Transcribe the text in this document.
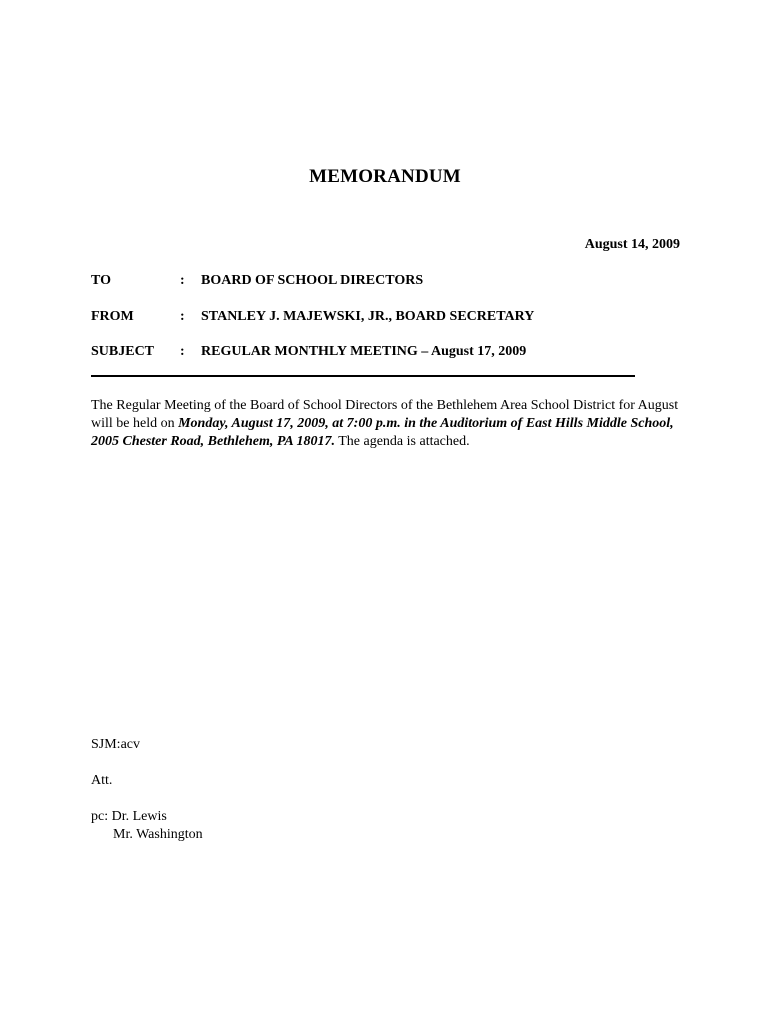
MEMORANDUM
August 14, 2009
TO	: BOARD OF SCHOOL DIRECTORS
FROM	: STANLEY J. MAJEWSKI, JR., BOARD SECRETARY
SUBJECT : REGULAR MONTHLY MEETING – August 17, 2009
The Regular Meeting of the Board of School Directors of the Bethlehem Area School District for August will be held on Monday, August 17, 2009, at 7:00 p.m. in the Auditorium of East Hills Middle School, 2005 Chester Road, Bethlehem, PA 18017. The agenda is attached.
SJM:acv
Att.
pc: Dr. Lewis
Mr. Washington
